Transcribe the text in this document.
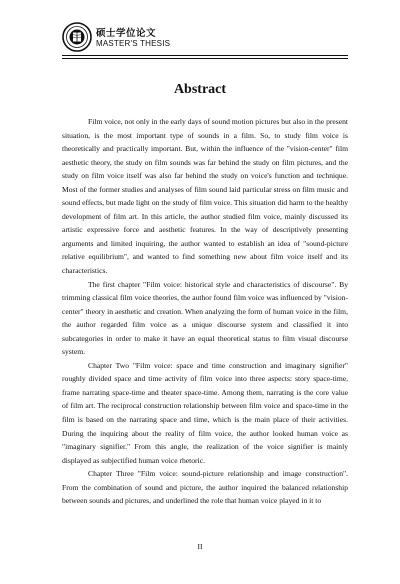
硕士学位论文
MASTER'S THESIS
Abstract

Film voice, not only in the early days of sound motion pictures but also in the present situation, is the most important type of sounds in a film. So, to study film voice is theoretically and practically important. But, within the influence of the "vision-center" film aesthetic theory, the study on film sounds was far behind the study on film pictures, and the study on film voice itself was also far behind the study on voice's function and technique. Most of the former studies and analyses of film sound laid particular stress on film music and sound effects, but made light on the study of film voice. This situation did harm to the healthy development of film art. In this article, the author studied film voice, mainly discussed its artistic expressive force and aesthetic features. In the way of descriptively presenting arguments and limited inquiring, the author wanted to establish an idea of "sound-picture relative equilibrium", and wanted to find something new about film voice itself and its characteristics.

The first chapter "Film voice: historical style and characteristics of discourse". By trimming classical film voice theories, the author found film voice was influenced by "vision-center" theory in aesthetic and creation. When analyzing the form of human voice in the film, the author regarded film voice as a unique discourse system and classified it into subcategories in order to make it have an equal theoretical status to film visual discourse system.

Chapter Two "Film voice: space and time construction and imaginary signifier" roughly divided space and time activity of film voice into three aspects: story space-time, frame narrating space-time and theater space-time. Among them, narrating is the core value of film art. The reciprocal construction relationship between film voice and space-time in the film is based on the narrating space and time, which is the main place of their activities. During the inquiring about the reality of film voice, the author looked human voice as "imaginary signifier." From this angle, the realization of the voice signifier is mainly displayed as subjectified human voice rhetoric.

Chapter Three "Film voice: sound-picture relationship and image construction". From the combination of sound and picture, the author inquired the balanced relationship between sounds and pictures, and underlined the role that human voice played in it to

II
